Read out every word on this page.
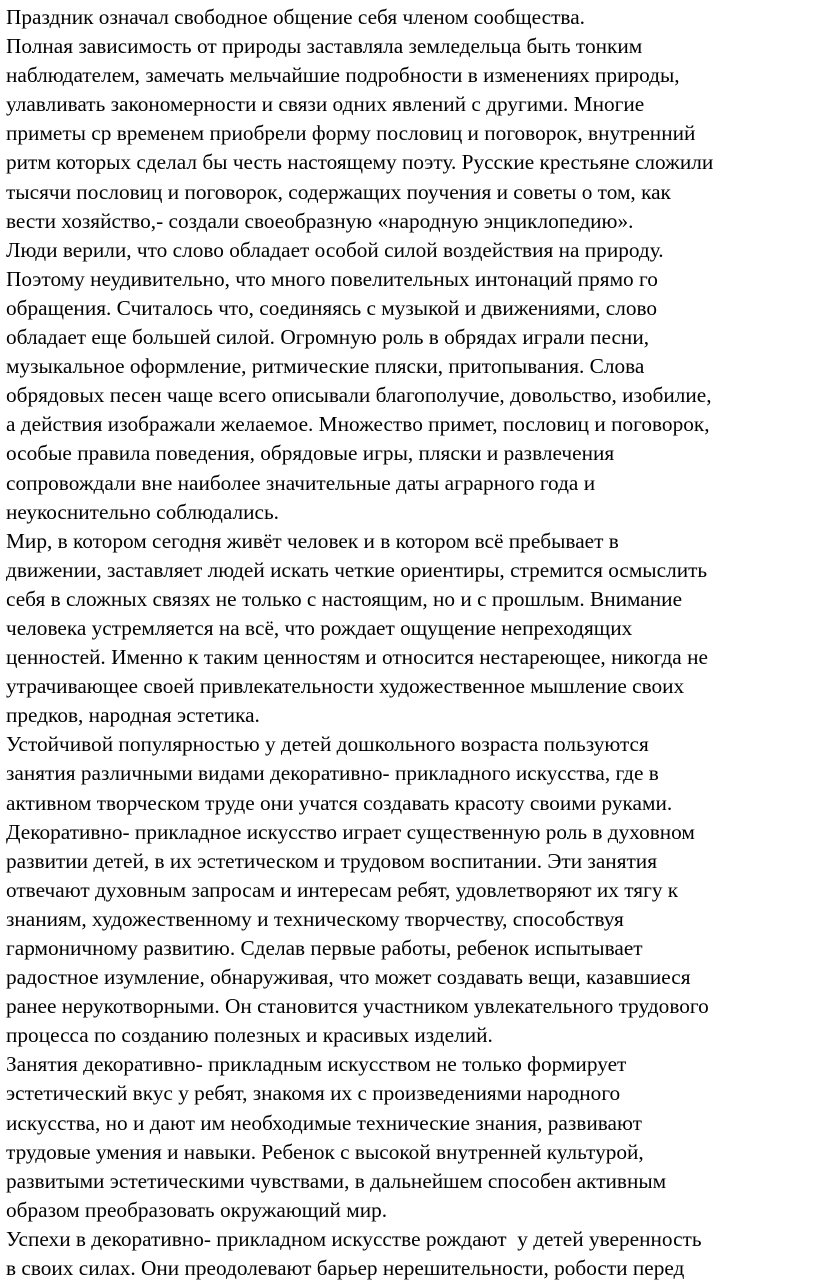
Праздник означал свободное общение себя членом сообщества.
Полная зависимость от природы заставляла земледельца быть тонким
наблюдателем, замечать мельчайшие подробности в изменениях природы,
улавливать закономерности и связи одних явлений с другими. Многие
приметы ср временем приобрели форму пословиц и поговорок, внутренний
ритм которых сделал бы честь настоящему поэту. Русские крестьяне сложили
тысячи пословиц и поговорок, содержащих поучения и советы о том, как
вести хозяйство,- создали своеобразную «народную энциклопедию».
Люди верили, что слово обладает особой силой воздействия на природу.
Поэтому неудивительно, что много повелительных интонаций прямо го
обращения. Считалось что, соединяясь с музыкой и движениями, слово
обладает еще большей силой. Огромную роль в обрядах играли песни,
музыкальное оформление, ритмические пляски, притопывания. Слова
обрядовых песен чаще всего описывали благополучие, довольство, изобилие,
а действия изображали желаемое. Множество примет, пословиц и поговорок,
особые правила поведения, обрядовые игры, пляски и развлечения
сопровождали вне наиболее значительные даты аграрного года и
неукоснительно соблюдались.
Мир, в котором сегодня живёт человек и в котором всё пребывает в
движении, заставляет людей искать четкие ориентиры, стремится осмыслить
себя в сложных связях не только с настоящим, но и с прошлым. Внимание
человека устремляется на всё, что рождает ощущение непреходящих
ценностей. Именно к таким ценностям и относится нестареющее, никогда не
утрачивающее своей привлекательности художественное мышление своих
предков, народная эстетика.
Устойчивой популярностью у детей дошкольного возраста пользуются
занятия различными видами декоративно- прикладного искусства, где в
активном творческом труде они учатся создавать красоту своими руками.
Декоративно- прикладное искусство играет существенную роль в духовном
развитии детей, в их эстетическом и трудовом воспитании. Эти занятия
отвечают духовным запросам и интересам ребят, удовлетворяют их тягу к
знаниям, художественному и техническому творчеству, способствуя
гармоничному развитию. Сделав первые работы, ребенок испытывает
радостное изумление, обнаруживая, что может создавать вещи, казавшиеся
ранее нерукотворными. Он становится участником увлекательного трудового
процесса по созданию полезных и красивых изделий.
Занятия декоративно- прикладным искусством не только формирует
эстетический вкус у ребят, знакомя их с произведениями народного
искусства, но и дают им необходимые технические знания, развивают
трудовые умения и навыки. Ребенок с высокой внутренней культурой,
развитыми эстетическими чувствами, в дальнейшем способен активным
образом преобразовать окружающий мир.
Успехи в декоративно- прикладном искусстве рождают  у детей уверенность
в своих силах. Они преодолевают барьер нерешительности, робости перед
